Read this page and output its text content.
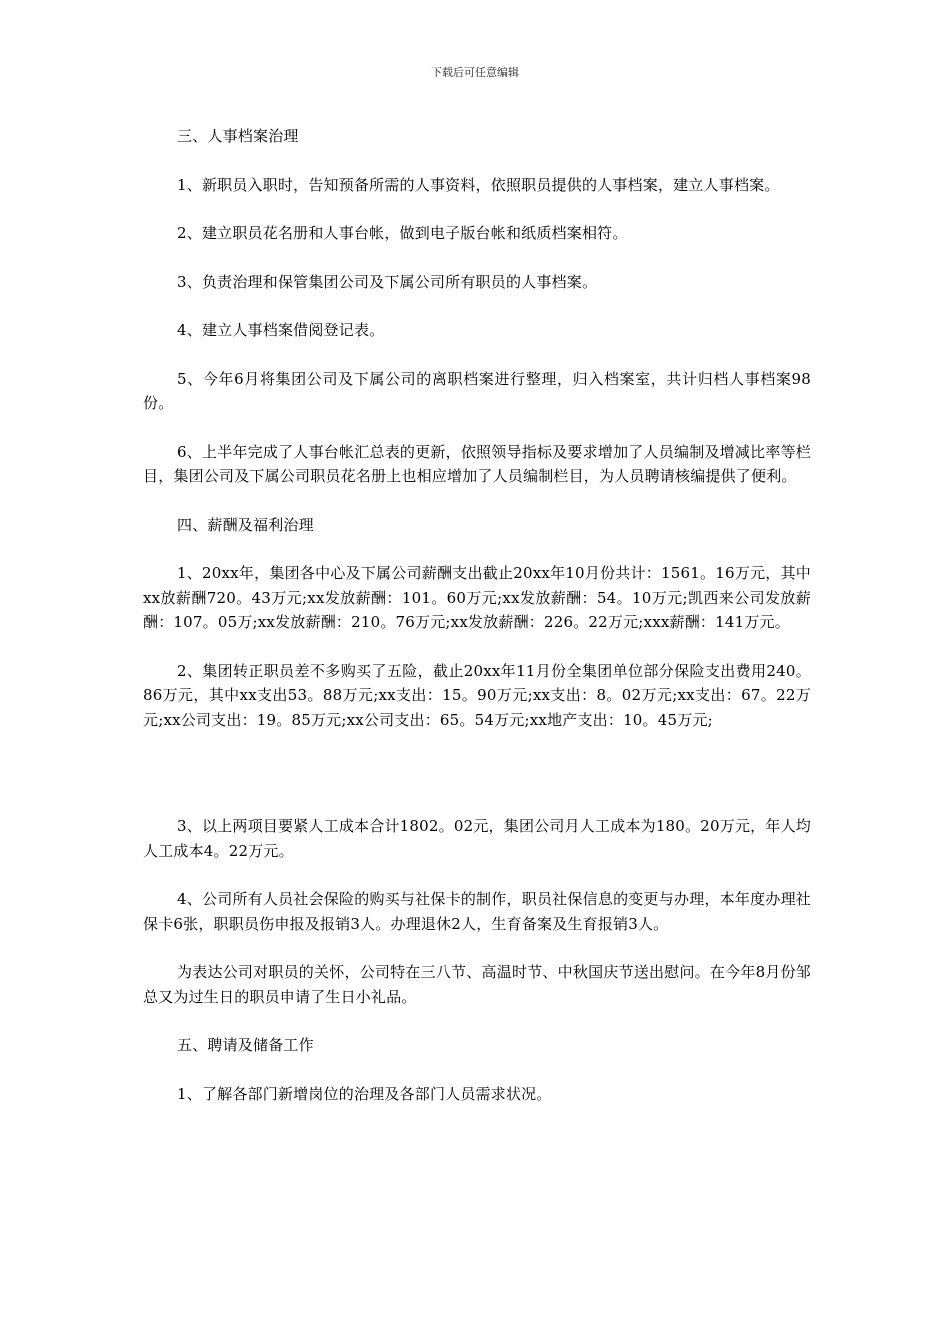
下载后可任意编辑

三、人事档案治理

1、新职员入职时，告知预备所需的人事资料，依照职员提供的人事档案，建立人事档案。

2、建立职员花名册和人事台帐，做到电子版台帐和纸质档案相符。

3、负责治理和保管集团公司及下属公司所有职员的人事档案。

4、建立人事档案借阅登记表。

5、今年6月将集团公司及下属公司的离职档案进行整理，归入档案室，共计归档人事档案98份。

6、上半年完成了人事台帐汇总表的更新，依照领导指标及要求增加了人员编制及增减比率等栏目，集团公司及下属公司职员花名册上也相应增加了人员编制栏目，为人员聘请核编提供了便利。

四、薪酬及福利治理

1、20xx年，集团各中心及下属公司薪酬支出截止20xx年10月份共计：1561。16万元，其中xx放薪酬720。43万元;xx发放薪酬：101。60万元;xx发放薪酬：54。10万元;凯西来公司发放薪酬：107。05万;xx发放薪酬：210。76万元;xx发放薪酬：226。22万元;xxx薪酬：141万元。

2、集团转正职员差不多购买了五险，截止20xx年11月份全集团单位部分保险支出费用240。86万元，其中xx支出53。88万元;xx支出：15。90万元;xx支出：8。02万元;xx支出：67。22万元;xx公司支出：19。85万元;xx公司支出：65。54万元;xx地产支出：10。45万元;

3、以上两项目要紧人工成本合计1802。02元，集团公司月人工成本为180。20万元，年人均人工成本4。22万元。

4、公司所有人员社会保险的购买与社保卡的制作，职员社保信息的变更与办理，本年度办理社保卡6张，职职员伤申报及报销3人。办理退休2人，生育备案及生育报销3人。

为表达公司对职员的关怀，公司特在三八节、高温时节、中秋国庆节送出慰问。在今年8月份邹总又为过生日的职员申请了生日小礼品。

五、聘请及储备工作

1、了解各部门新增岗位的治理及各部门人员需求状况。
